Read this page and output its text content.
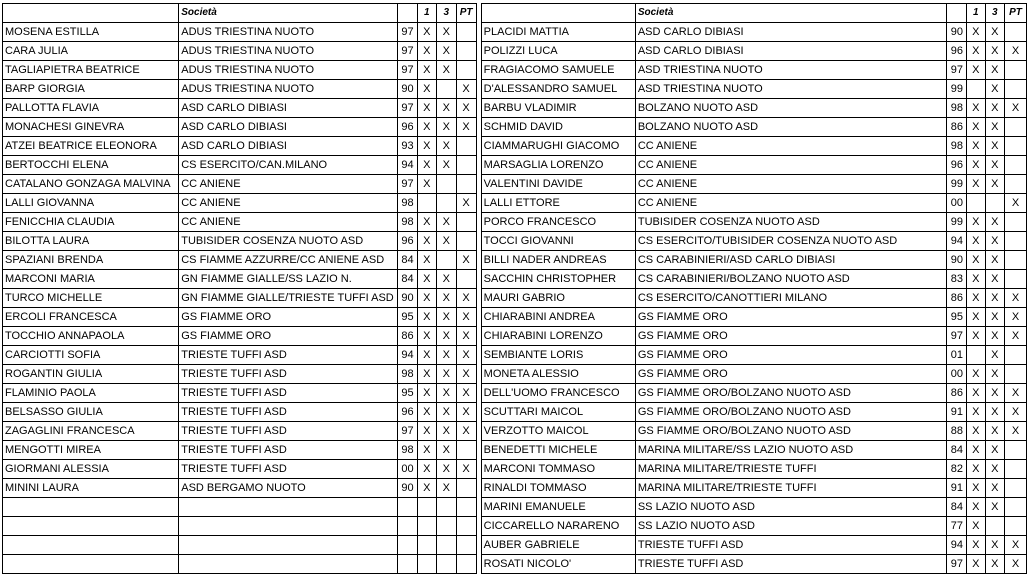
	Società		1	3	PT			Società		1	3	PT
MOSENA ESTILLA	ADUS TRIESTINA NUOTO	97	X	X			PLACIDI MATTIA	ASD CARLO DIBIASI	90	X	X	
CARA JULIA	ADUS TRIESTINA NUOTO	97	X	X			POLIZZI LUCA	ASD CARLO DIBIASI	96	X	X	X
TAGLIAPIETRA BEATRICE	ADUS TRIESTINA NUOTO	97	X	X			FRAGIACOMO SAMUELE	ASD TRIESTINA NUOTO	97	X	X	
BARP GIORGIA	ADUS TRIESTINA NUOTO	90	X		X		D'ALESSANDRO SAMUEL	ASD TRIESTINA NUOTO	99		X	
PALLOTTA FLAVIA	ASD CARLO DIBIASI	97	X	X	X		BARBU VLADIMIR	BOLZANO NUOTO ASD	98	X	X	X
MONACHESI GINEVRA	ASD CARLO DIBIASI	96	X	X	X		SCHMID DAVID	BOLZANO NUOTO ASD	86	X	X	
ATZEI BEATRICE ELEONORA	ASD CARLO DIBIASI	93	X	X			CIAMMARUGHI GIACOMO	CC ANIENE	98	X	X	
BERTOCCHI ELENA	CS ESERCITO/CAN.MILANO	94	X	X			MARSAGLIA LORENZO	CC ANIENE	96	X	X	
CATALANO GONZAGA MALVINA	CC ANIENE	97	X				VALENTINI DAVIDE	CC ANIENE	99	X	X	
LALLI GIOVANNA	CC ANIENE	98			X		LALLI ETTORE	CC ANIENE	00			X
FENICCHIA CLAUDIA	CC ANIENE	98	X	X			PORCO FRANCESCO	TUBISIDER COSENZA NUOTO ASD	99	X	X	
BILOTTA LAURA	TUBISIDER COSENZA NUOTO ASD	96	X	X			TOCCI GIOVANNI	CS ESERCITO/TUBISIDER COSENZA NUOTO ASD	94	X	X	
SPAZIANI BRENDA	CS FIAMME AZZURRE/CC ANIENE ASD	84	X		X		BILLI NADER ANDREAS	CS CARABINIERI/ASD CARLO DIBIASI	90	X	X	
MARCONI MARIA	GN FIAMME GIALLE/SS LAZIO N.	84	X	X			SACCHIN CHRISTOPHER	CS CARABINIERI/BOLZANO NUOTO ASD	83	X	X	
TURCO MICHELLE	GN FIAMME GIALLE/TRIESTE TUFFI ASD	90	X	X	X		MAURI GABRIO	CS ESERCITO/CANOTTIERI MILANO	86	X	X	X
ERCOLI FRANCESCA	GS FIAMME ORO	95	X	X	X		CHIARABINI ANDREA	GS FIAMME ORO	95	X	X	X
TOCCHIO ANNAPAOLA	GS FIAMME ORO	86	X	X	X		CHIARABINI LORENZO	GS FIAMME ORO	97	X	X	X
CARCIOTTI SOFIA	TRIESTE TUFFI ASD	94	X	X	X		SEMBIANTE LORIS	GS FIAMME ORO	01		X	
ROGANTIN GIULIA	TRIESTE TUFFI ASD	98	X	X	X		MONETA ALESSIO	GS FIAMME ORO	00	X	X	
FLAMINIO PAOLA	TRIESTE TUFFI ASD	95	X	X	X		DELL'UOMO FRANCESCO	GS FIAMME ORO/BOLZANO NUOTO ASD	86	X	X	X
BELSASSO GIULIA	TRIESTE TUFFI ASD	96	X	X	X		SCUTTARI MAICOL	GS FIAMME ORO/BOLZANO NUOTO ASD	91	X	X	X
ZAGAGLINI FRANCESCA	TRIESTE TUFFI ASD	97	X	X	X		VERZOTTO MAICOL	GS FIAMME ORO/BOLZANO NUOTO ASD	88	X	X	X
MENGOTTI MIREA	TRIESTE TUFFI ASD	98	X	X			BENEDETTI MICHELE	MARINA MILITARE/SS LAZIO NUOTO ASD	84	X	X	
GIORMANI ALESSIA	TRIESTE TUFFI ASD	00	X	X	X		MARCONI TOMMASO	MARINA MILITARE/TRIESTE TUFFI	82	X	X	
MININI LAURA	ASD BERGAMO NUOTO	90	X	X			RINALDI TOMMASO	MARINA MILITARE/TRIESTE TUFFI	91	X	X	
							MARINI EMANUELE	SS LAZIO NUOTO ASD	84	X	X	
							CICCARELLO NARARENO	SS LAZIO NUOTO ASD	77	X		
							AUBER GABRIELE	TRIESTE TUFFI ASD	94	X	X	X
							ROSATI NICOLO'	TRIESTE TUFFI ASD	97	X	X	X
